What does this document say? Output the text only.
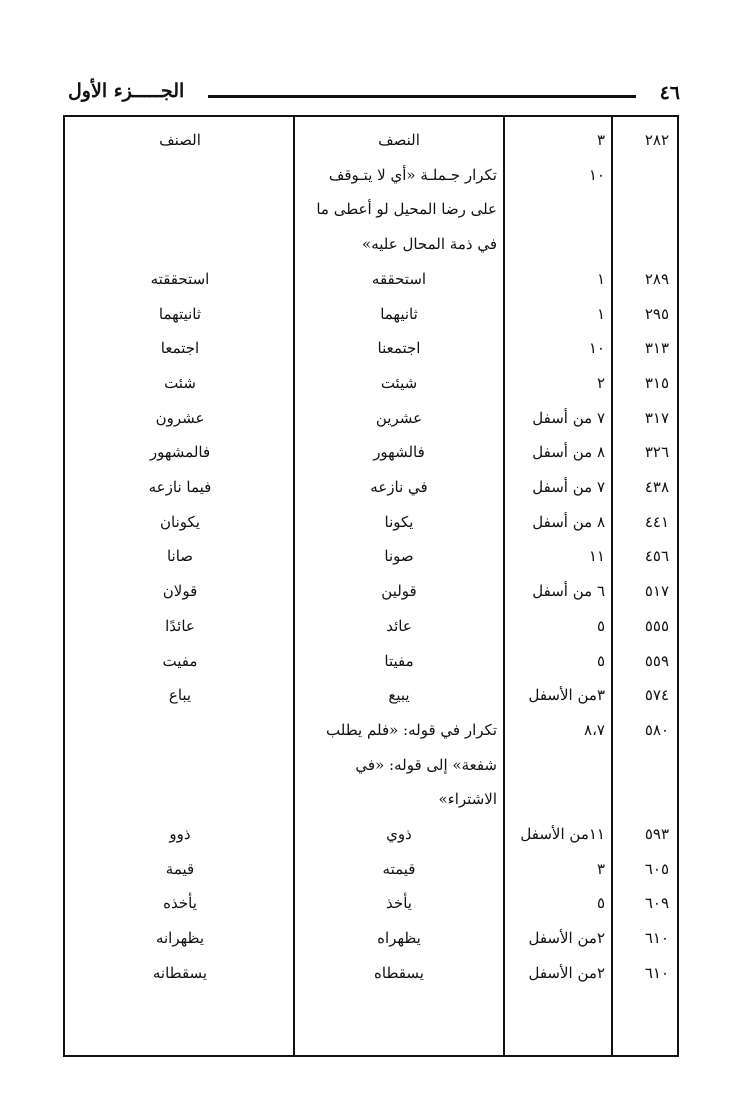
٤٦
الجـــــزء الأول
٢٨٢
٣
النصف
الصنف
١٠
تكرار جـملـة «أي لا يتـوقف
على رضا المحيل لو أعطى ما
في ذمة المحال عليه»
٢٨٩
١
استحققه
استحققته
٢٩٥
١
ثانيهما
ثانيتهما
٣١٣
١٠
اجتمعنا
اجتمعا
٣١٥
٢
شيئت
شئت
٣١٧
٧ من أسفل
عشرين
عشرون
٣٢٦
٨ من أسفل
فالشهور
فالمشهور
٤٣٨
٧ من أسفل
في نازعه
فيما نازعه
٤٤١
٨ من أسفل
يكونا
يكونان
٤٥٦
١١
صونا
صانا
٥١٧
٦ من أسفل
قولين
قولان
٥٥٥
٥
عائد
عائدًا
٥٥٩
٥
مفيتا
مفيت
٥٧٤
٣من الأسفل
يبيع
يباع
٥٨٠
٨،٧
تكرار في قوله: «فلم يطلب
شفعة» إلى قوله: «في
الاشتراء»
٥٩٣
١١من الأسفل
ذوي
ذوو
٦٠٥
٣
قيمته
قيمة
٦٠٩
٥
يأخذ
يأخذه
٦١٠
٢من الأسفل
يظهراه
يظهرانه
٦١٠
٢من الأسفل
يسقطاه
يسقطانه
